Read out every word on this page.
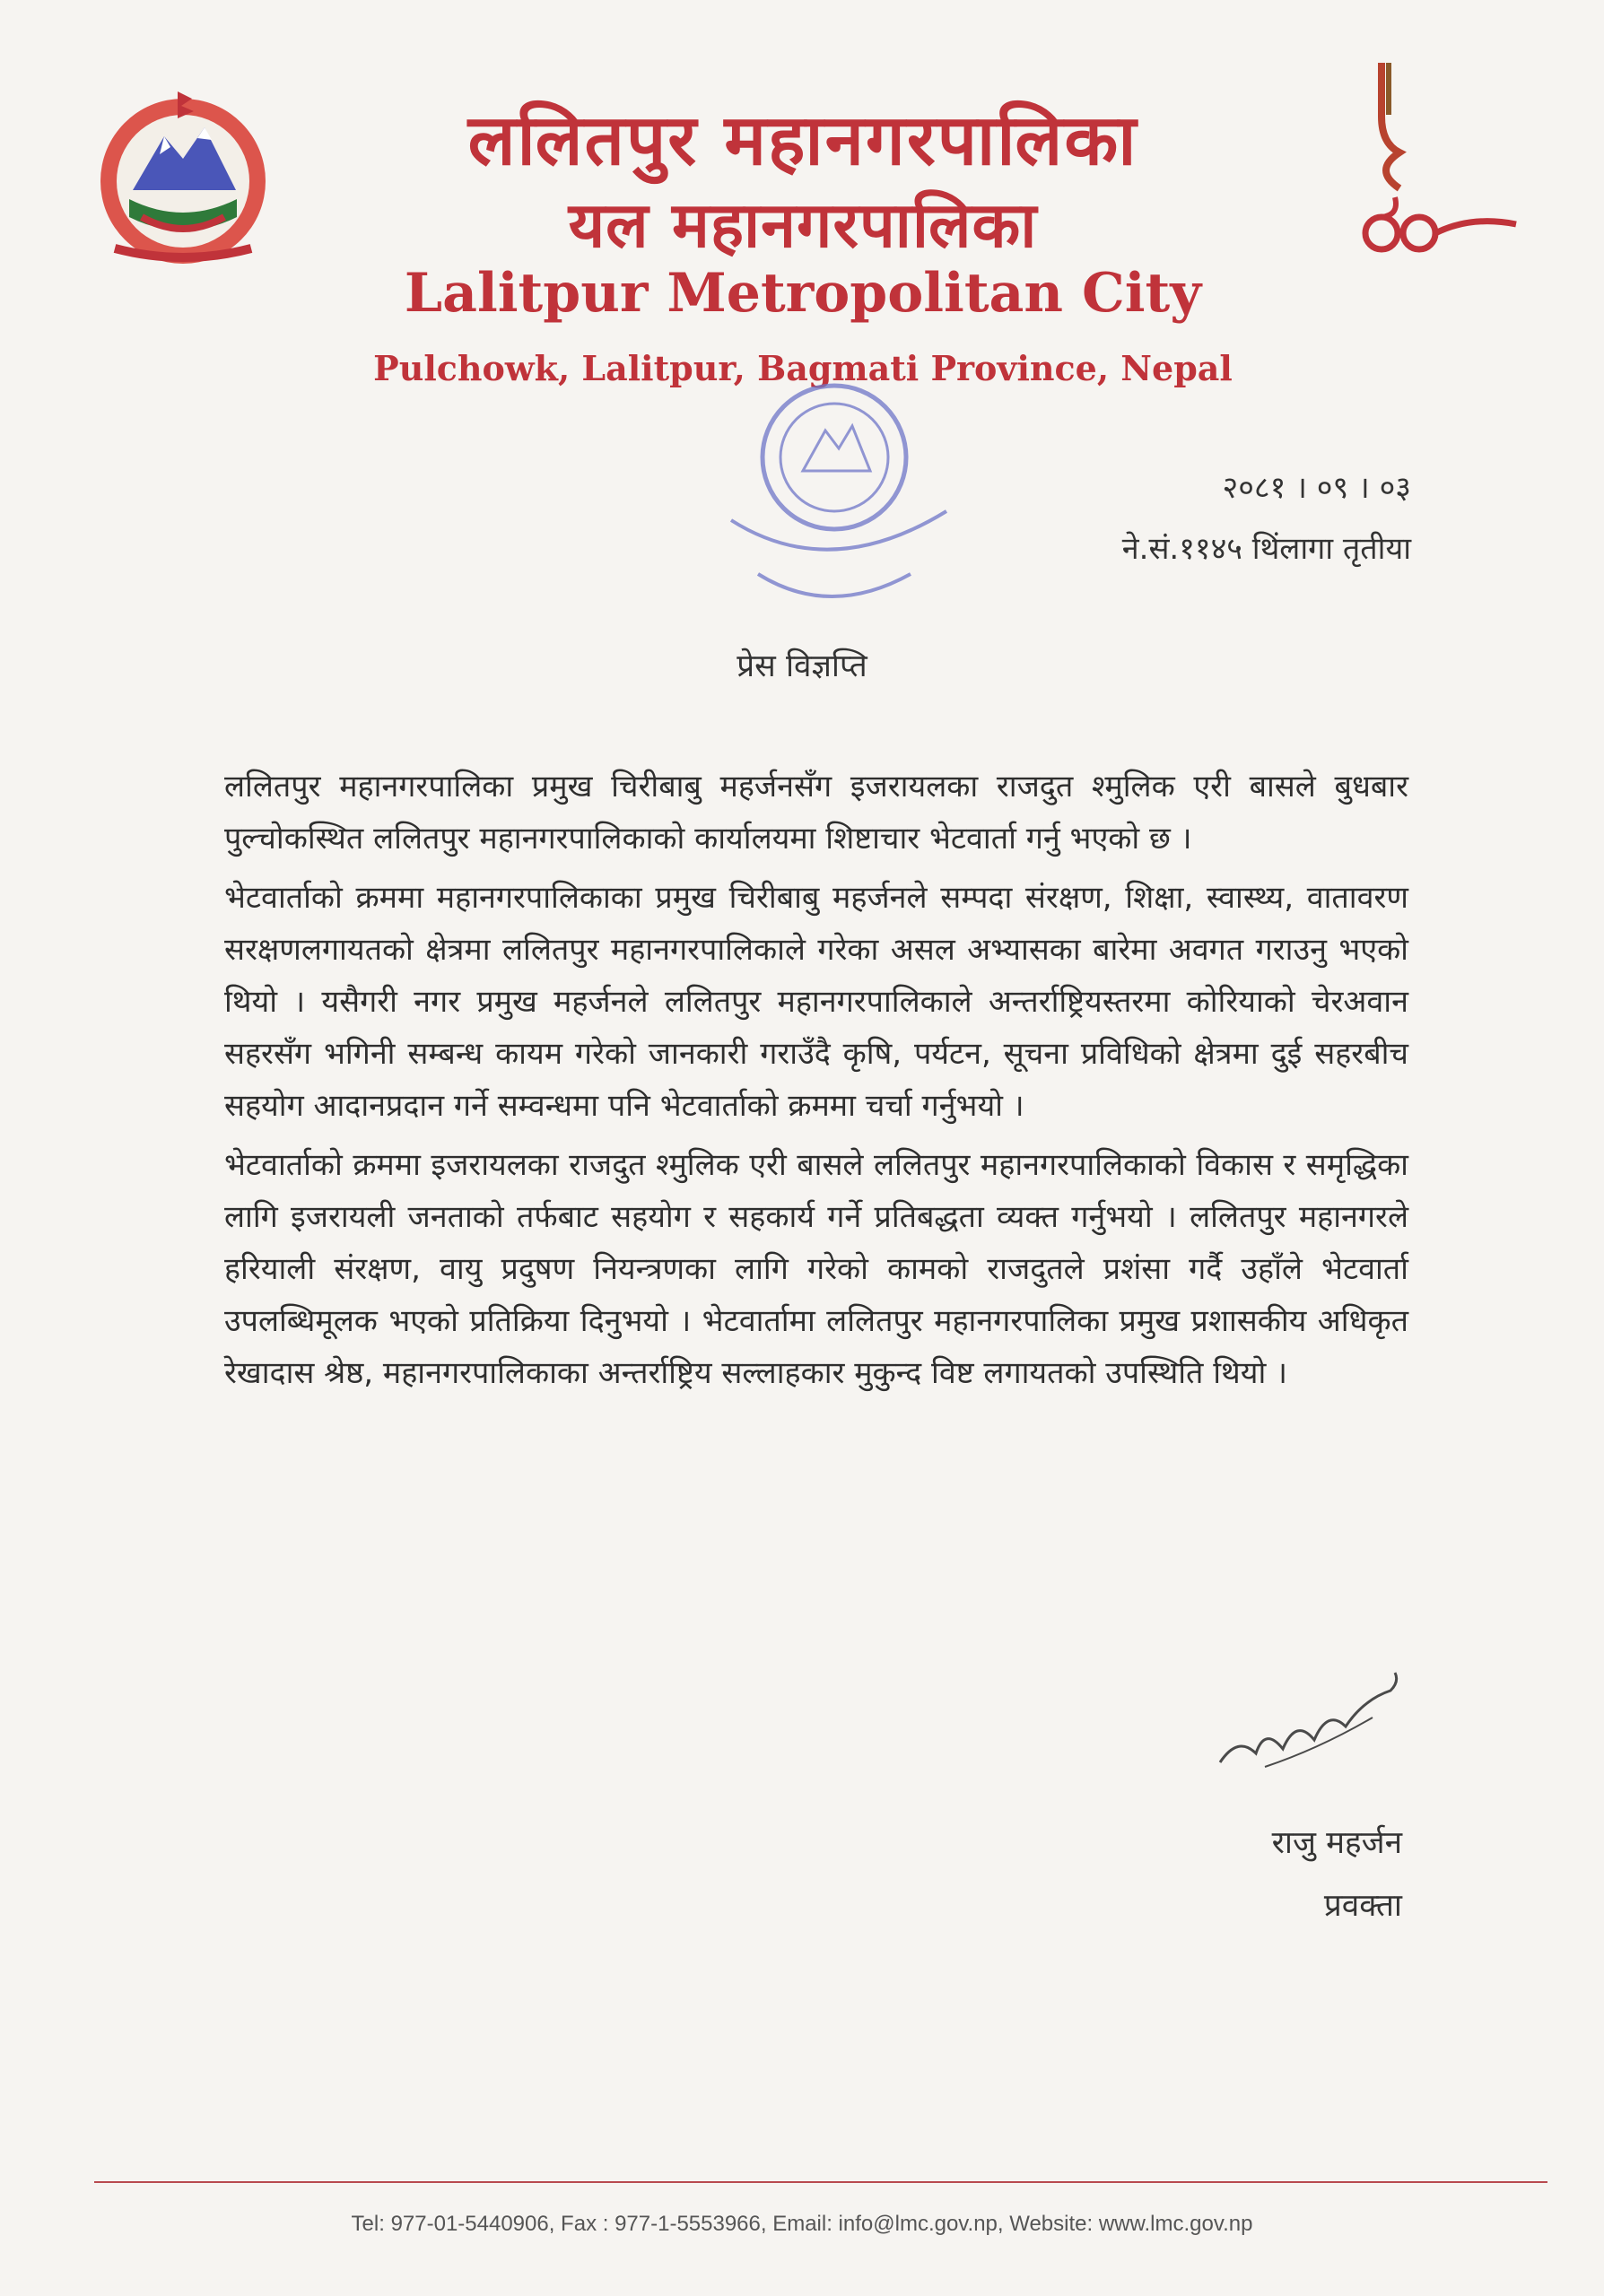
ललितपुर महानगरपालिका
यल महानगरपालिका
Lalitpur Metropolitan City
Pulchowk, Lalitpur, Bagmati Province, Nepal
२०८१ । ०९ । ०३
ने.सं.११४५ थिंलागा तृतीया
प्रेस विज्ञप्ति

ललितपुर महानगरपालिका प्रमुख चिरीबाबु महर्जनसँग इजरायलका राजदुत श्मुलिक एरी बासले बुधबार पुल्चोकस्थित ललितपुर महानगरपालिकाको कार्यालयमा शिष्टाचार भेटवार्ता गर्नु भएको छ ।

भेटवार्ताको क्रममा महानगरपालिकाका प्रमुख चिरीबाबु महर्जनले सम्पदा संरक्षण, शिक्षा, स्वास्थ्य, वातावरण सरक्षणलगायतको क्षेत्रमा ललितपुर महानगरपालिकाले गरेका असल अभ्यासका बारेमा अवगत गराउनु भएको थियो । यसैगरी नगर प्रमुख महर्जनले ललितपुर महानगरपालिकाले अन्तर्राष्ट्रियस्तरमा कोरियाको चेरअवान सहरसँग भगिनी सम्बन्ध कायम गरेको जानकारी गराउँदै कृषि, पर्यटन, सूचना प्रविधिको क्षेत्रमा दुई सहरबीच सहयोग आदानप्रदान गर्ने सम्वन्धमा पनि भेटवार्ताको क्रममा चर्चा गर्नुभयो ।

भेटवार्ताको क्रममा इजरायलका राजदुत श्मुलिक एरी बासले ललितपुर महानगरपालिकाको विकास र समृद्धिका लागि इजरायली जनताको तर्फबाट सहयोग र सहकार्य गर्ने प्रतिबद्धता व्यक्त गर्नुभयो । ललितपुर महानगरले हरियाली संरक्षण, वायु प्रदुषण नियन्त्रणका लागि गरेको कामको राजदुतले प्रशंसा गर्दै उहाँले भेटवार्ता उपलब्धिमूलक भएको प्रतिक्रिया दिनुभयो । भेटवार्तामा ललितपुर महानगरपालिका प्रमुख प्रशासकीय अधिकृत रेखादास श्रेष्ठ, महानगरपालिकाका अन्तर्राष्ट्रिय सल्लाहकार मुकुन्द विष्ट लगायतको उपस्थिति थियो ।

राजु महर्जन
प्रवक्ता
Tel: 977-01-5440906, Fax : 977-1-5553966, Email: info@lmc.gov.np, Website: www.lmc.gov.np
